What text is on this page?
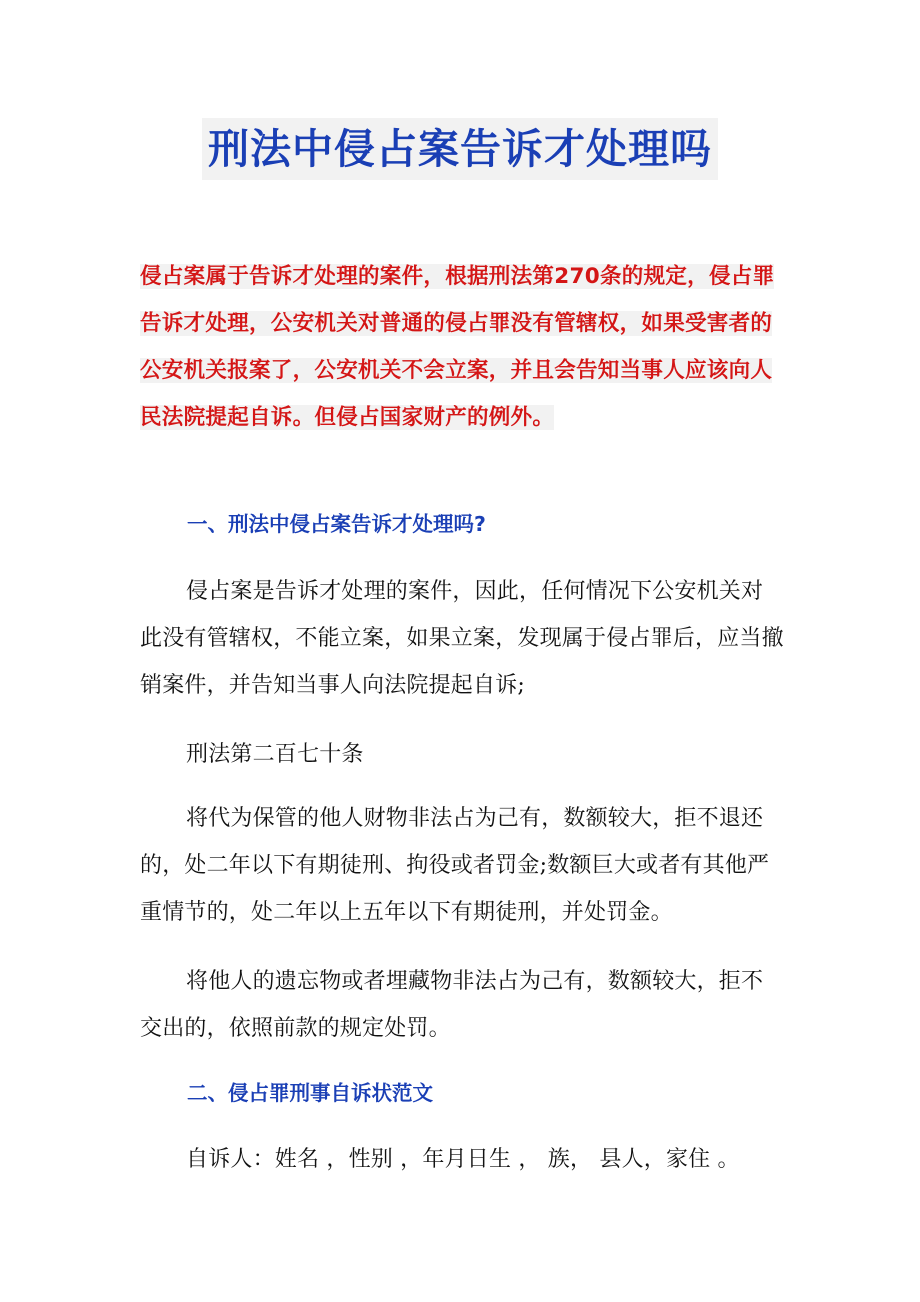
刑法中侵占案告诉才处理吗

侵占案属于告诉才处理的案件，根据刑法第270条的规定，侵占罪告诉才处理，公安机关对普通的侵占罪没有管辖权，如果受害者的公安机关报案了，公安机关不会立案，并且会告知当事人应该向人民法院提起自诉。但侵占国家财产的例外。

一、刑法中侵占案告诉才处理吗?

侵占案是告诉才处理的案件，因此，任何情况下公安机关对此没有管辖权，不能立案，如果立案，发现属于侵占罪后，应当撤销案件，并告知当事人向法院提起自诉;

刑法第二百七十条

将代为保管的他人财物非法占为己有，数额较大，拒不退还的，处二年以下有期徒刑、拘役或者罚金;数额巨大或者有其他严重情节的，处二年以上五年以下有期徒刑，并处罚金。

将他人的遗忘物或者埋藏物非法占为己有，数额较大，拒不交出的，依照前款的规定处罚。

二、侵占罪刑事自诉状范文

自诉人：姓名 ，性别 ，年月日生 ， 族， 县人，家住 。
